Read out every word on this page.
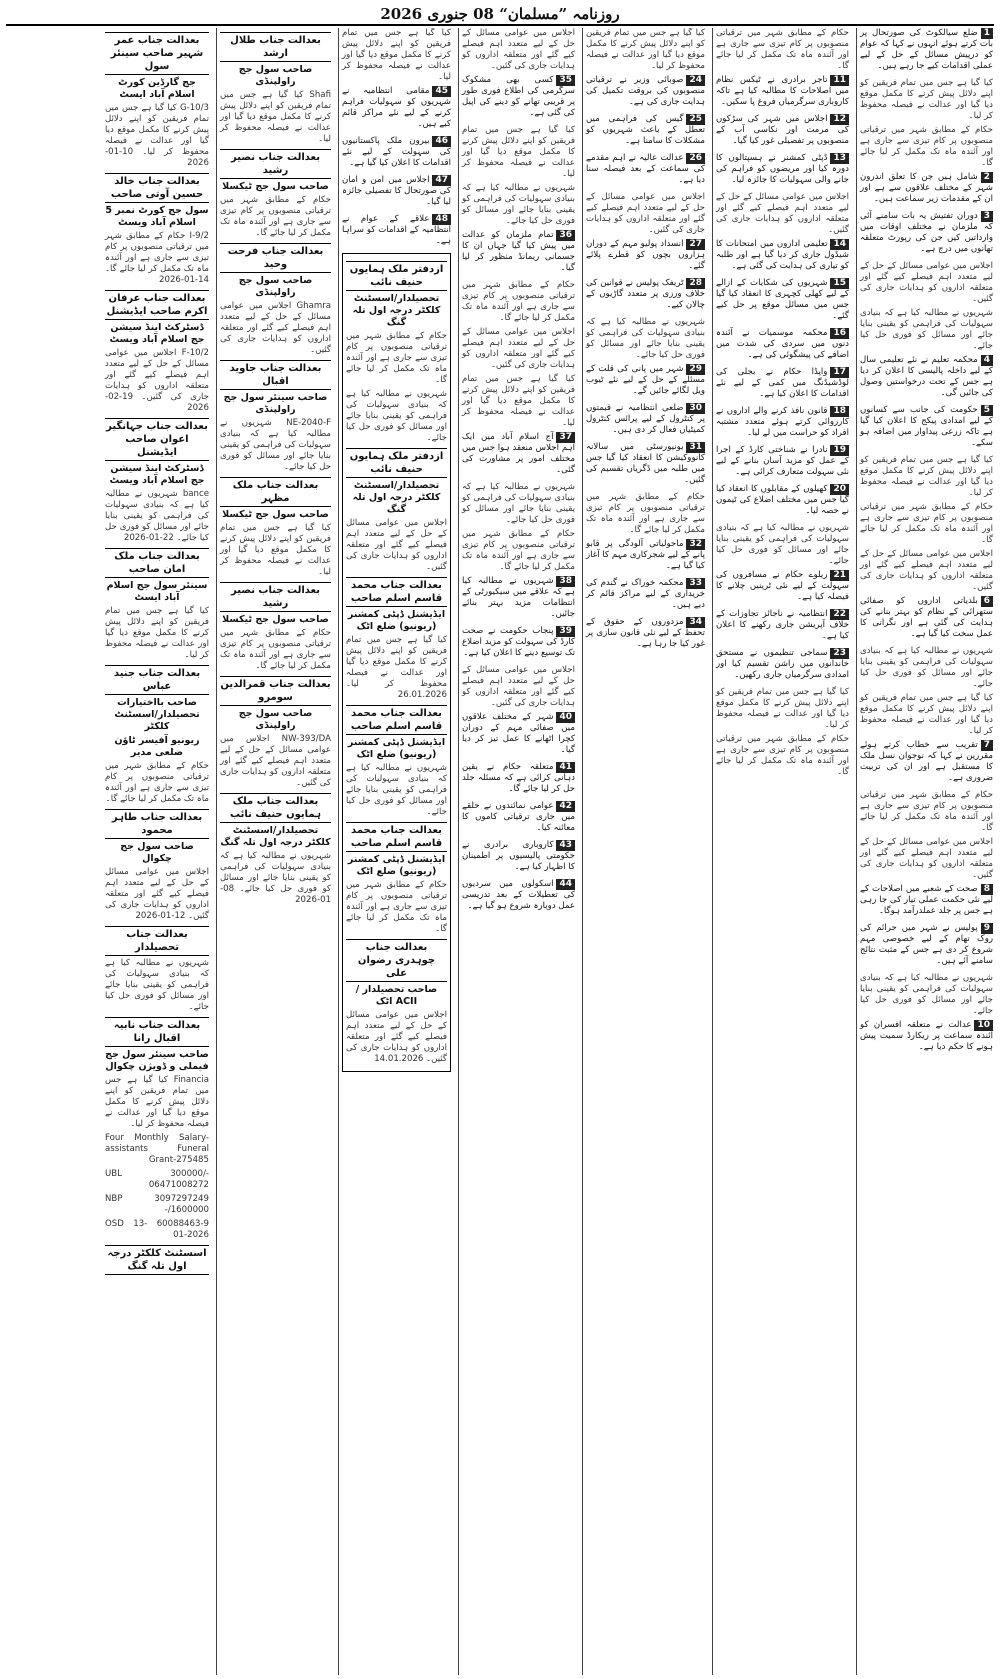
روزنامہ ”مسلمان“ 08 جنوری 2026
1ضلع سیالکوٹ کی صورتحال پر بات کرتے ہوئے انہوں نے کہا کہ عوام کو درپیش مسائل کے حل کے لیے عملی اقدامات کیے جا رہے ہیں۔

کیا گیا ہے جس میں تمام فریقین کو اپنے دلائل پیش کرنے کا مکمل موقع دیا گیا اور عدالت نے فیصلہ محفوظ کر لیا۔

حکام کے مطابق شہر میں ترقیاتی منصوبوں پر کام تیزی سے جاری ہے اور آئندہ ماہ تک مکمل کر لیا جائے گا۔

2شامل ہیں جن کا تعلق اندرون شہر کے مختلف علاقوں سے ہے اور ان کے مقدمات زیر سماعت ہیں۔
3دوران تفتیش یہ بات سامنے آئی کہ ملزمان نے مختلف اوقات میں وارداتیں کیں جن کی رپورٹ متعلقہ تھانوں میں درج ہے۔

اجلاس میں عوامی مسائل کے حل کے لیے متعدد اہم فیصلے کیے گئے اور متعلقہ اداروں کو ہدایات جاری کی گئیں۔

شہریوں نے مطالبہ کیا ہے کہ بنیادی سہولیات کی فراہمی کو یقینی بنایا جائے اور مسائل کو فوری حل کیا جائے۔

4محکمہ تعلیم نے نئے تعلیمی سال کے لیے داخلہ پالیسی کا اعلان کر دیا ہے جس کے تحت درخواستیں وصول کی جائیں گی۔
5حکومت کی جانب سے کسانوں کے لیے امدادی پیکج کا اعلان کیا گیا ہے تاکہ زرعی پیداوار میں اضافہ ہو سکے۔

کیا گیا ہے جس میں تمام فریقین کو اپنے دلائل پیش کرنے کا مکمل موقع دیا گیا اور عدالت نے فیصلہ محفوظ کر لیا۔

حکام کے مطابق شہر میں ترقیاتی منصوبوں پر کام تیزی سے جاری ہے اور آئندہ ماہ تک مکمل کر لیا جائے گا۔

اجلاس میں عوامی مسائل کے حل کے لیے متعدد اہم فیصلے کیے گئے اور متعلقہ اداروں کو ہدایات جاری کی گئیں۔

6بلدیاتی اداروں کو صفائی ستھرائی کے نظام کو بہتر بنانے کی ہدایت کی گئی ہے اور نگرانی کا عمل سخت کیا گیا ہے۔

شہریوں نے مطالبہ کیا ہے کہ بنیادی سہولیات کی فراہمی کو یقینی بنایا جائے اور مسائل کو فوری حل کیا جائے۔

کیا گیا ہے جس میں تمام فریقین کو اپنے دلائل پیش کرنے کا مکمل موقع دیا گیا اور عدالت نے فیصلہ محفوظ کر لیا۔

7تقریب سے خطاب کرتے ہوئے مقررین نے کہا کہ نوجوان نسل ملک کا مستقبل ہے اور ان کی تربیت ضروری ہے۔

حکام کے مطابق شہر میں ترقیاتی منصوبوں پر کام تیزی سے جاری ہے اور آئندہ ماہ تک مکمل کر لیا جائے گا۔

اجلاس میں عوامی مسائل کے حل کے لیے متعدد اہم فیصلے کیے گئے اور متعلقہ اداروں کو ہدایات جاری کی گئیں۔

8صحت کے شعبے میں اصلاحات کے لیے نئی حکمت عملی تیار کی جا رہی ہے جس پر جلد عملدرآمد ہوگا۔
9پولیس نے شہر میں جرائم کی روک تھام کے لیے خصوصی مہم شروع کر دی ہے جس کے مثبت نتائج سامنے آئے ہیں۔

شہریوں نے مطالبہ کیا ہے کہ بنیادی سہولیات کی فراہمی کو یقینی بنایا جائے اور مسائل کو فوری حل کیا جائے۔

10عدالت نے متعلقہ افسران کو آئندہ سماعت پر ریکارڈ سمیت پیش ہونے کا حکم دیا ہے۔

حکام کے مطابق شہر میں ترقیاتی منصوبوں پر کام تیزی سے جاری ہے اور آئندہ ماہ تک مکمل کر لیا جائے گا۔

11تاجر برادری نے ٹیکس نظام میں اصلاحات کا مطالبہ کیا ہے تاکہ کاروباری سرگرمیاں فروغ پا سکیں۔
12اجلاس میں شہر کی سڑکوں کی مرمت اور نکاسی آب کے منصوبوں پر تفصیلی غور کیا گیا۔
13ڈپٹی کمشنر نے ہسپتالوں کا دورہ کیا اور مریضوں کو فراہم کی جانے والی سہولیات کا جائزہ لیا۔

اجلاس میں عوامی مسائل کے حل کے لیے متعدد اہم فیصلے کیے گئے اور متعلقہ اداروں کو ہدایات جاری کی گئیں۔

14تعلیمی اداروں میں امتحانات کا شیڈول جاری کر دیا گیا ہے اور طلبہ کو تیاری کی ہدایت کی گئی ہے۔
15شہریوں کی شکایات کے ازالے کے لیے کھلی کچہری کا انعقاد کیا گیا جس میں مسائل موقع پر حل کیے گئے۔
16محکمہ موسمیات نے آئندہ دنوں میں سردی کی شدت میں اضافے کی پیشگوئی کی ہے۔
17واپڈا حکام نے بجلی کی لوڈشیڈنگ میں کمی کے لیے نئے اقدامات کا اعلان کیا ہے۔
18قانون نافذ کرنے والے اداروں نے کارروائی کرتے ہوئے متعدد مشتبہ افراد کو حراست میں لے لیا۔
19نادرا نے شناختی کارڈ کے اجرا کے عمل کو مزید آسان بنانے کے لیے نئی سہولت متعارف کرائی ہے۔
20کھیلوں کے مقابلوں کا انعقاد کیا گیا جس میں مختلف اضلاع کی ٹیموں نے حصہ لیا۔

شہریوں نے مطالبہ کیا ہے کہ بنیادی سہولیات کی فراہمی کو یقینی بنایا جائے اور مسائل کو فوری حل کیا جائے۔

21ریلوے حکام نے مسافروں کی سہولت کے لیے نئی ٹرینیں چلانے کا فیصلہ کیا ہے۔
22انتظامیہ نے ناجائز تجاوزات کے خلاف آپریشن جاری رکھنے کا اعلان کیا ہے۔
23سماجی تنظیموں نے مستحق خاندانوں میں راشن تقسیم کیا اور امدادی سرگرمیاں جاری رکھیں۔

کیا گیا ہے جس میں تمام فریقین کو اپنے دلائل پیش کرنے کا مکمل موقع دیا گیا اور عدالت نے فیصلہ محفوظ کر لیا۔

حکام کے مطابق شہر میں ترقیاتی منصوبوں پر کام تیزی سے جاری ہے اور آئندہ ماہ تک مکمل کر لیا جائے گا۔

کیا گیا ہے جس میں تمام فریقین کو اپنے دلائل پیش کرنے کا مکمل موقع دیا گیا اور عدالت نے فیصلہ محفوظ کر لیا۔

24صوبائی وزیر نے ترقیاتی منصوبوں کی بروقت تکمیل کی ہدایت جاری کی ہے۔
25گیس کی فراہمی میں تعطل کے باعث شہریوں کو مشکلات کا سامنا ہے۔
26عدالت عالیہ نے اہم مقدمے کی سماعت کے بعد فیصلہ سنا دیا ہے۔

اجلاس میں عوامی مسائل کے حل کے لیے متعدد اہم فیصلے کیے گئے اور متعلقہ اداروں کو ہدایات جاری کی گئیں۔

27انسداد پولیو مہم کے دوران ہزاروں بچوں کو قطرے پلائے گئے۔
28ٹریفک پولیس نے قوانین کی خلاف ورزی پر متعدد گاڑیوں کے چالان کیے۔

شہریوں نے مطالبہ کیا ہے کہ بنیادی سہولیات کی فراہمی کو یقینی بنایا جائے اور مسائل کو فوری حل کیا جائے۔

29شہر میں پانی کی قلت کے مسئلے کے حل کے لیے نئے ٹیوب ویل لگائے جائیں گے۔
30ضلعی انتظامیہ نے قیمتوں پر کنٹرول کے لیے پرائس کنٹرول کمیٹیاں فعال کر دی ہیں۔
31یونیورسٹی میں سالانہ کانووکیشن کا انعقاد کیا گیا جس میں طلبہ میں ڈگریاں تقسیم کی گئیں۔

حکام کے مطابق شہر میں ترقیاتی منصوبوں پر کام تیزی سے جاری ہے اور آئندہ ماہ تک مکمل کر لیا جائے گا۔

32ماحولیاتی آلودگی پر قابو پانے کے لیے شجرکاری مہم کا آغاز کیا گیا ہے۔
33محکمہ خوراک نے گندم کی خریداری کے لیے مراکز قائم کر دیے ہیں۔
34مزدوروں کے حقوق کے تحفظ کے لیے نئی قانون سازی پر غور کیا جا رہا ہے۔

اجلاس میں عوامی مسائل کے حل کے لیے متعدد اہم فیصلے کیے گئے اور متعلقہ اداروں کو ہدایات جاری کی گئیں۔

35کسی بھی مشکوک سرگرمی کی اطلاع فوری طور پر قریبی تھانے کو دینے کی اپیل کی گئی ہے۔

کیا گیا ہے جس میں تمام فریقین کو اپنے دلائل پیش کرنے کا مکمل موقع دیا گیا اور عدالت نے فیصلہ محفوظ کر لیا۔

شہریوں نے مطالبہ کیا ہے کہ بنیادی سہولیات کی فراہمی کو یقینی بنایا جائے اور مسائل کو فوری حل کیا جائے۔

36تمام ملزمان کو عدالت میں پیش کیا گیا جہاں ان کا جسمانی ریمانڈ منظور کر لیا گیا۔

حکام کے مطابق شہر میں ترقیاتی منصوبوں پر کام تیزی سے جاری ہے اور آئندہ ماہ تک مکمل کر لیا جائے گا۔

اجلاس میں عوامی مسائل کے حل کے لیے متعدد اہم فیصلے کیے گئے اور متعلقہ اداروں کو ہدایات جاری کی گئیں۔

کیا گیا ہے جس میں تمام فریقین کو اپنے دلائل پیش کرنے کا مکمل موقع دیا گیا اور عدالت نے فیصلہ محفوظ کر لیا۔

37آج اسلام آباد میں ایک اہم اجلاس منعقد ہوا جس میں مختلف امور پر مشاورت کی گئی۔

شہریوں نے مطالبہ کیا ہے کہ بنیادی سہولیات کی فراہمی کو یقینی بنایا جائے اور مسائل کو فوری حل کیا جائے۔

حکام کے مطابق شہر میں ترقیاتی منصوبوں پر کام تیزی سے جاری ہے اور آئندہ ماہ تک مکمل کر لیا جائے گا۔

38شہریوں نے مطالبہ کیا ہے کہ علاقے میں سیکیورٹی کے انتظامات مزید بہتر بنائے جائیں۔
39پنجاب حکومت نے صحت کارڈ کی سہولت کو مزید اضلاع تک توسیع دینے کا اعلان کیا ہے۔

اجلاس میں عوامی مسائل کے حل کے لیے متعدد اہم فیصلے کیے گئے اور متعلقہ اداروں کو ہدایات جاری کی گئیں۔

40شہر کے مختلف علاقوں میں صفائی مہم کے دوران کچرا اٹھانے کا عمل تیز کر دیا گیا۔
41متعلقہ حکام نے یقین دہانی کرائی ہے کہ مسئلہ جلد حل کر لیا جائے گا۔
42عوامی نمائندوں نے حلقے میں جاری ترقیاتی کاموں کا معائنہ کیا۔
43کاروباری برادری نے حکومتی پالیسیوں پر اطمینان کا اظہار کیا ہے۔
44اسکولوں میں سردیوں کی تعطیلات کے بعد تدریسی عمل دوبارہ شروع ہو گیا ہے۔

کیا گیا ہے جس میں تمام فریقین کو اپنے دلائل پیش کرنے کا مکمل موقع دیا گیا اور عدالت نے فیصلہ محفوظ کر لیا۔

45مقامی انتظامیہ نے شہریوں کو سہولیات فراہم کرنے کے لیے نئے مراکز قائم کیے ہیں۔
46بیرون ملک پاکستانیوں کی سہولت کے لیے نئے اقدامات کا اعلان کیا گیا ہے۔
47اجلاس میں امن و امان کی صورتحال کا تفصیلی جائزہ لیا گیا۔
48علاقے کے عوام نے انتظامیہ کے اقدامات کو سراہا ہے۔
ازدفتر ملک ہمایوں حنیف نائب
تحصیلدار/اسسٹنٹ کلکٹر درجہ اول تلہ گنگ

حکام کے مطابق شہر میں ترقیاتی منصوبوں پر کام تیزی سے جاری ہے اور آئندہ ماہ تک مکمل کر لیا جائے گا۔

شہریوں نے مطالبہ کیا ہے کہ بنیادی سہولیات کی فراہمی کو یقینی بنایا جائے اور مسائل کو فوری حل کیا جائے۔

ازدفتر ملک ہمایوں حنیف نائب
تحصیلدار/اسسٹنٹ کلکٹر درجہ اول تلہ گنگ

اجلاس میں عوامی مسائل کے حل کے لیے متعدد اہم فیصلے کیے گئے اور متعلقہ اداروں کو ہدایات جاری کی گئیں۔

بعدالت جناب محمد قاسم اسلم صاحب
ایڈیشنل ڈپٹی کمشنر (ریونیو) ضلع اٹک

کیا گیا ہے جس میں تمام فریقین کو اپنے دلائل پیش کرنے کا مکمل موقع دیا گیا اور عدالت نے فیصلہ محفوظ کر لیا۔ 26.01.2026

بعدالت جناب محمد قاسم اسلم صاحب
ایڈیشنل ڈپٹی کمشنر (ریونیو) ضلع اٹک

شہریوں نے مطالبہ کیا ہے کہ بنیادی سہولیات کی فراہمی کو یقینی بنایا جائے اور مسائل کو فوری حل کیا جائے۔

بعدالت جناب محمد قاسم اسلم صاحب
ایڈیشنل ڈپٹی کمشنر (ریونیو) ضلع اٹک

حکام کے مطابق شہر میں ترقیاتی منصوبوں پر کام تیزی سے جاری ہے اور آئندہ ماہ تک مکمل کر لیا جائے گا۔

بعدالت جناب چوہدری رضوان علی
صاحب تحصیلدار / ACII اٹک

اجلاس میں عوامی مسائل کے حل کے لیے متعدد اہم فیصلے کیے گئے اور متعلقہ اداروں کو ہدایات جاری کی گئیں۔ 14.01.2026

بعدالت جناب طلال ارشد
صاحب سول جج راولپنڈی

Shafi کیا گیا ہے جس میں تمام فریقین کو اپنے دلائل پیش کرنے کا مکمل موقع دیا گیا اور عدالت نے فیصلہ محفوظ کر لیا۔

بعدالت جناب نصیر رشید
صاحب سول جج ٹیکسلا

حکام کے مطابق شہر میں ترقیاتی منصوبوں پر کام تیزی سے جاری ہے اور آئندہ ماہ تک مکمل کر لیا جائے گا۔

بعدالت جناب فرحت وحید
صاحب سول جج راولپنڈی

Ghamra اجلاس میں عوامی مسائل کے حل کے لیے متعدد اہم فیصلے کیے گئے اور متعلقہ اداروں کو ہدایات جاری کی گئیں۔

بعدالت جناب جاوید اقبال
صاحب سینئر سول جج راولپنڈی

NE-2040-F شہریوں نے مطالبہ کیا ہے کہ بنیادی سہولیات کی فراہمی کو یقینی بنایا جائے اور مسائل کو فوری حل کیا جائے۔

بعدالت جناب ملک مظہر
صاحب سول جج ٹیکسلا

کیا گیا ہے جس میں تمام فریقین کو اپنے دلائل پیش کرنے کا مکمل موقع دیا گیا اور عدالت نے فیصلہ محفوظ کر لیا۔

بعدالت جناب نصیر رشید
صاحب سول جج ٹیکسلا

حکام کے مطابق شہر میں ترقیاتی منصوبوں پر کام تیزی سے جاری ہے اور آئندہ ماہ تک مکمل کر لیا جائے گا۔

بعدالت جناب قمرالدین سومرو
صاحب سول جج راولپنڈی

NW-393/DA اجلاس میں عوامی مسائل کے حل کے لیے متعدد اہم فیصلے کیے گئے اور متعلقہ اداروں کو ہدایات جاری کی گئیں۔

بعدالت جناب ملک ہمایوں حنیف نائب
تحصیلدار/اسسٹنٹ کلکٹر درجہ اول تلہ گنگ

شہریوں نے مطالبہ کیا ہے کہ بنیادی سہولیات کی فراہمی کو یقینی بنایا جائے اور مسائل کو فوری حل کیا جائے۔ 08-01-2026

بعدالت جناب عمر شہیر صاحب سینئر سول
جج گارڈین کورٹ اسلام آباد ایسٹ

G-10/3 کیا گیا ہے جس میں تمام فریقین کو اپنے دلائل پیش کرنے کا مکمل موقع دیا گیا اور عدالت نے فیصلہ محفوظ کر لیا۔ 10-01-2026

بعدالت جناب خالد حسین آوتی صاحب
سول جج کورٹ نمبر 5 اسلام آباد ویسٹ

I-9/2 حکام کے مطابق شہر میں ترقیاتی منصوبوں پر کام تیزی سے جاری ہے اور آئندہ ماہ تک مکمل کر لیا جائے گا۔ 14-01-2026

بعدالت جناب عرفان اکرم صاحب ایڈیشنل
ڈسٹرکٹ اینڈ سیشن جج اسلام آباد ویسٹ

F-10/2 اجلاس میں عوامی مسائل کے حل کے لیے متعدد اہم فیصلے کیے گئے اور متعلقہ اداروں کو ہدایات جاری کی گئیں۔ 19-02-2026

بعدالت جناب جہانگیر اعوان صاحب ایڈیشنل
ڈسٹرکٹ اینڈ سیشن جج اسلام آباد ویسٹ

bance شہریوں نے مطالبہ کیا ہے کہ بنیادی سہولیات کی فراہمی کو یقینی بنایا جائے اور مسائل کو فوری حل کیا جائے۔ 22-01-2026

بعدالت جناب ملک امان صاحب
سینئر سول جج اسلام آباد ایسٹ

کیا گیا ہے جس میں تمام فریقین کو اپنے دلائل پیش کرنے کا مکمل موقع دیا گیا اور عدالت نے فیصلہ محفوظ کر لیا۔

بعدالت جناب جنید عباس
صاحب بااختیارات تحصیلدار/اسسٹنٹ کلکٹر
ریونیو آفیسر ٹاؤن ضلعی مدیر

حکام کے مطابق شہر میں ترقیاتی منصوبوں پر کام تیزی سے جاری ہے اور آئندہ ماہ تک مکمل کر لیا جائے گا۔

بعدالت جناب طاہر محمود
صاحب سول جج چکوال

اجلاس میں عوامی مسائل کے حل کے لیے متعدد اہم فیصلے کیے گئے اور متعلقہ اداروں کو ہدایات جاری کی گئیں۔ 12-01-2026

بعدالت جناب تحصیلدار

شہریوں نے مطالبہ کیا ہے کہ بنیادی سہولیات کی فراہمی کو یقینی بنایا جائے اور مسائل کو فوری حل کیا جائے۔

بعدالت جناب نابیہ اقبال رانا
صاحب سینئر سول جج فیملی و ڈویژن چکوال

Financia کیا گیا ہے جس میں تمام فریقین کو اپنے دلائل پیش کرنے کا مکمل موقع دیا گیا اور عدالت نے فیصلہ محفوظ کر لیا۔

Four Monthly Salary-assistants Funeral Grant-275485

UBL	300000/- 06471008272

NBP	3097297249 1600000/-

60088463-9 OSD 13-01-2026

اسسٹنٹ کلکٹر درجہ اول تلہ گنگ
